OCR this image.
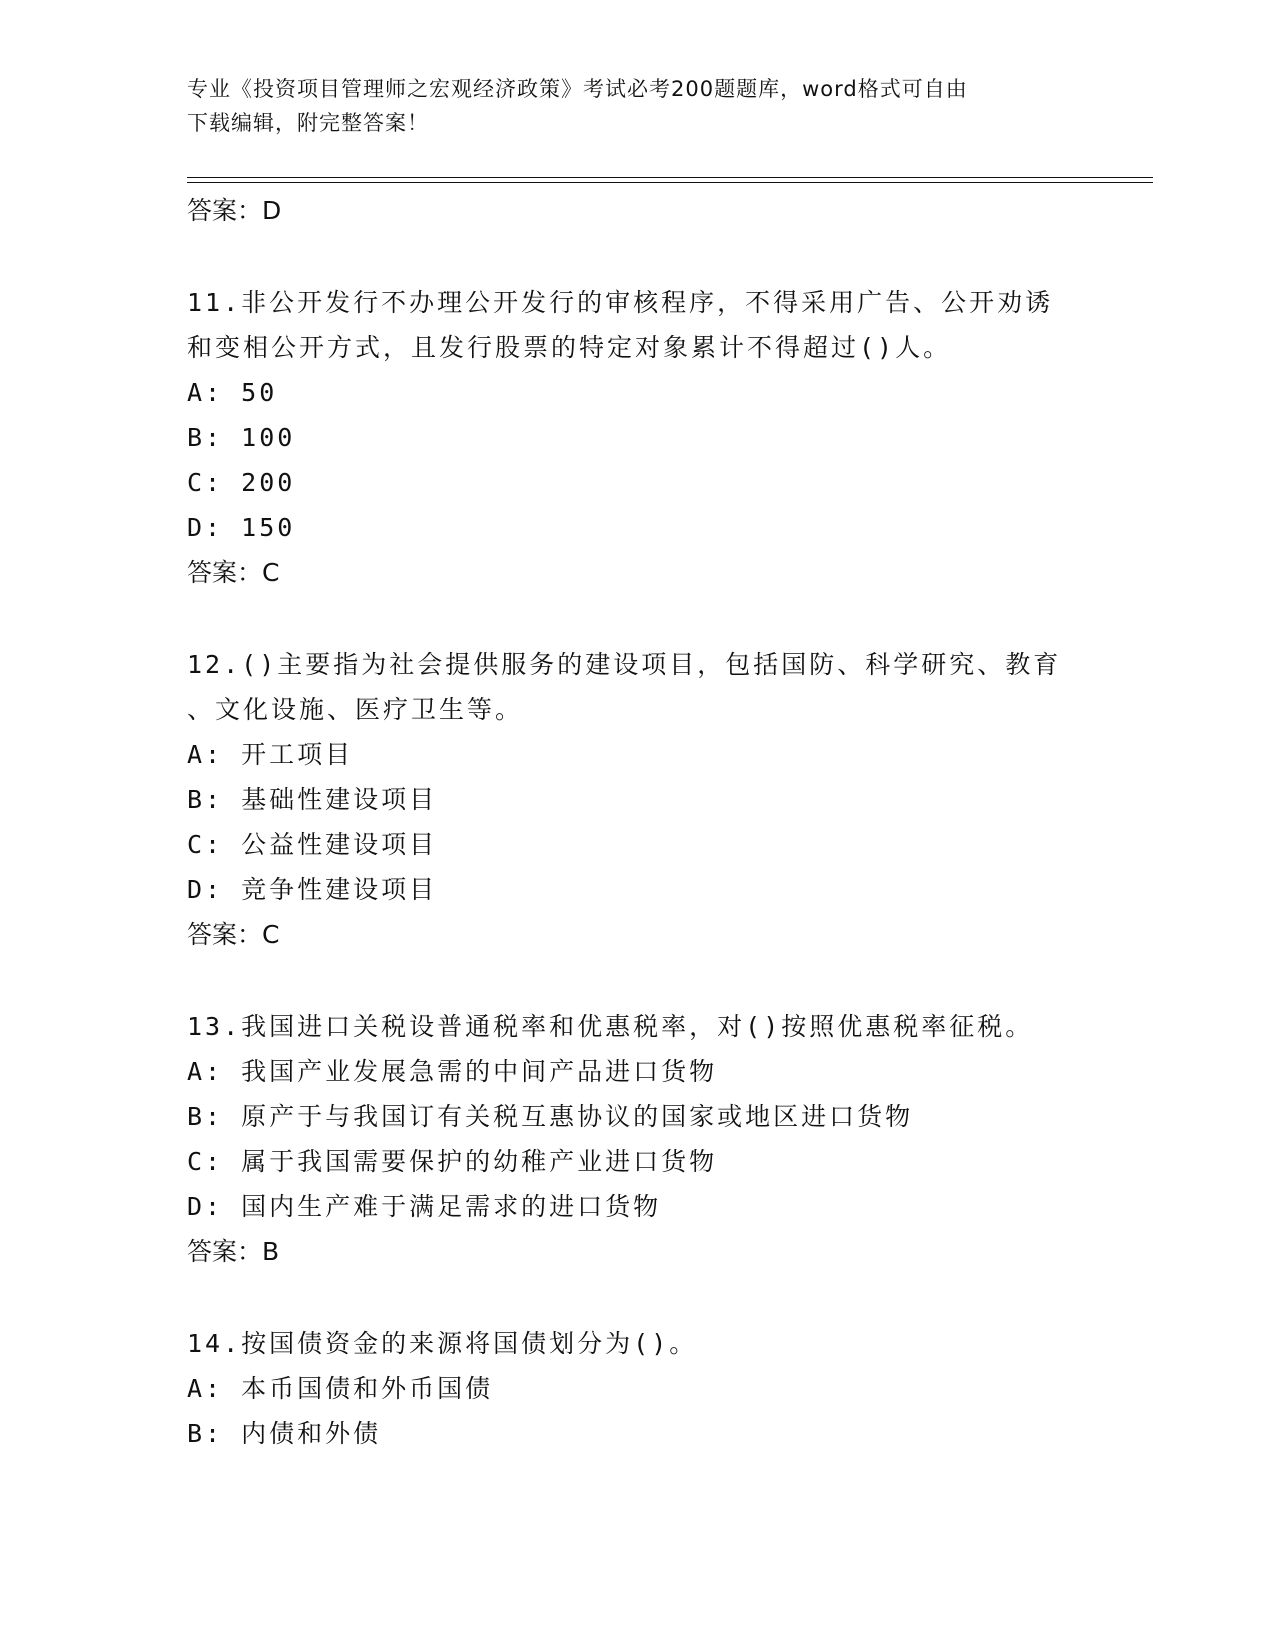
专业《投资项目管理师之宏观经济政策》考试必考200题题库，word格式可自由
下载编辑，附完整答案！

答案：D

11.非公开发行不办理公开发行的审核程序，不得采用广告、公开劝诱
和变相公开方式，且发行股票的特定对象累计不得超过()人。

A: 50

B: 100

C: 200

D: 150

答案：C

12.()主要指为社会提供服务的建设项目，包括国防、科学研究、教育
、文化设施、医疗卫生等。

A: 开工项目

B: 基础性建设项目

C: 公益性建设项目

D: 竞争性建设项目

答案：C

13.我国进口关税设普通税率和优惠税率，对()按照优惠税率征税。

A: 我国产业发展急需的中间产品进口货物

B: 原产于与我国订有关税互惠协议的国家或地区进口货物

C: 属于我国需要保护的幼稚产业进口货物

D: 国内生产难于满足需求的进口货物

答案：B

14.按国债资金的来源将国债划分为()。

A: 本币国债和外币国债

B: 内债和外债
